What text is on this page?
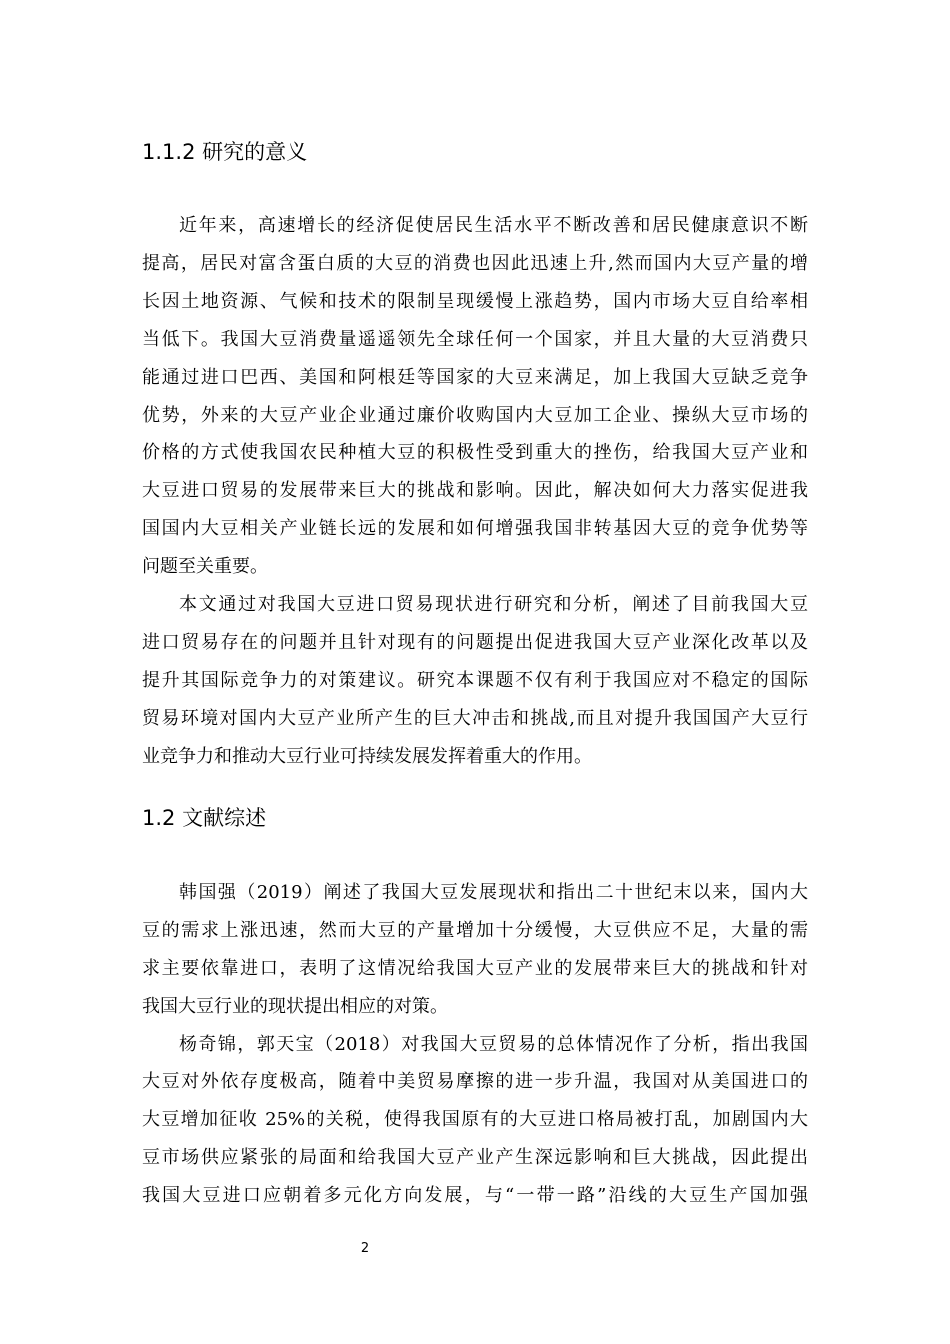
1.1.2 研究的意义
近年来，高速增长的经济促使居民生活水平不断改善和居民健康意识不断
提高，居民对富含蛋白质的大豆的消费也因此迅速上升,然而国内大豆产量的增
长因土地资源、气候和技术的限制呈现缓慢上涨趋势，国内市场大豆自给率相
当低下。我国大豆消费量遥遥领先全球任何一个国家，并且大量的大豆消费只
能通过进口巴西、美国和阿根廷等国家的大豆来满足，加上我国大豆缺乏竞争
优势，外来的大豆产业企业通过廉价收购国内大豆加工企业、操纵大豆市场的
价格的方式使我国农民种植大豆的积极性受到重大的挫伤，给我国大豆产业和
大豆进口贸易的发展带来巨大的挑战和影响。因此，解决如何大力落实促进我
国国内大豆相关产业链长远的发展和如何增强我国非转基因大豆的竞争优势等
问题至关重要。
本文通过对我国大豆进口贸易现状进行研究和分析，阐述了目前我国大豆
进口贸易存在的问题并且针对现有的问题提出促进我国大豆产业深化改革以及
提升其国际竞争力的对策建议。研究本课题不仅有利于我国应对不稳定的国际
贸易环境对国内大豆产业所产生的巨大冲击和挑战,而且对提升我国国产大豆行
业竞争力和推动大豆行业可持续发展发挥着重大的作用。
1.2 文献综述
韩国强（2019）阐述了我国大豆发展现状和指出二十世纪末以来，国内大
豆的需求上涨迅速，然而大豆的产量增加十分缓慢，大豆供应不足，大量的需
求主要依靠进口，表明了这情况给我国大豆产业的发展带来巨大的挑战和针对
我国大豆行业的现状提出相应的对策。
杨奇锦，郭天宝（2018）对我国大豆贸易的总体情况作了分析，指出我国
大豆对外依存度极高，随着中美贸易摩擦的进一步升温，我国对从美国进口的
大豆增加征收 25%的关税，使得我国原有的大豆进口格局被打乱，加剧国内大
豆市场供应紧张的局面和给我国大豆产业产生深远影响和巨大挑战，因此提出
我国大豆进口应朝着多元化方向发展，与“一带一路”沿线的大豆生产国加强
2
